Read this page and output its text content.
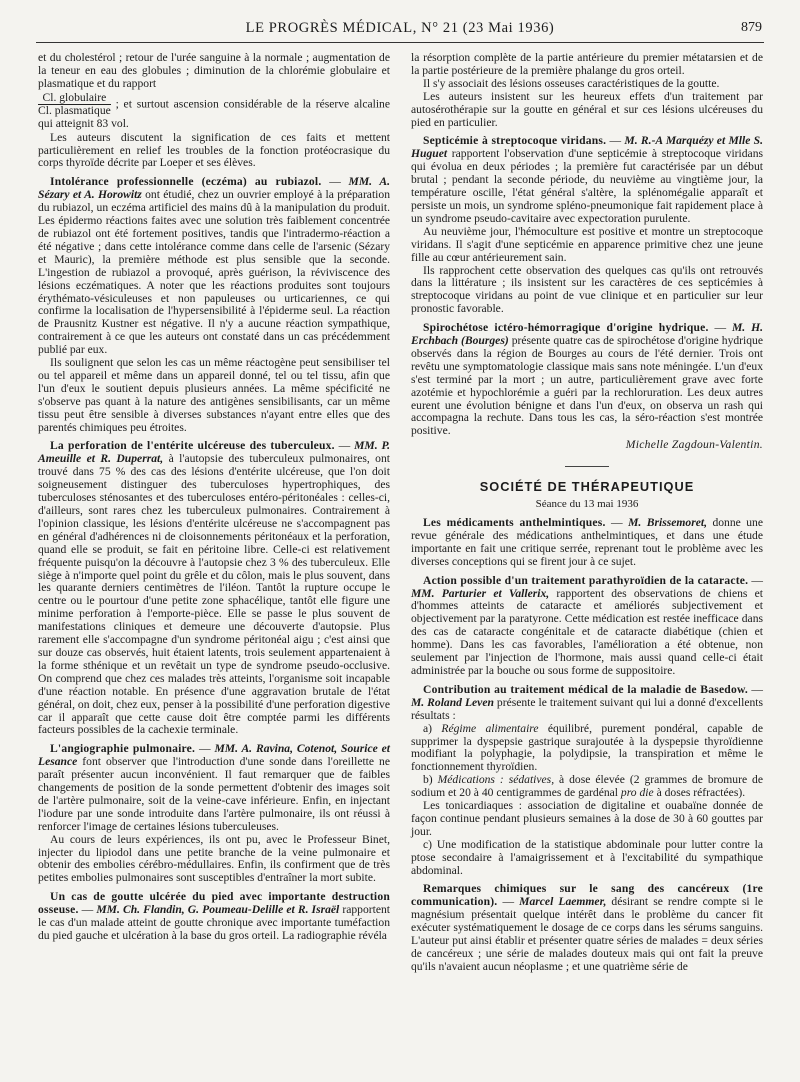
LE PROGRÈS MÉDICAL, N° 21 (23 Mai 1936)	879

et du cholestérol ; retour de l'urée sanguine à la normale ; augmentation de la teneur en eau des globules ; diminution de la chlorémie globulaire et plasmatique et du rapport

$\frac{\text{Cl. globulaire}}{\text{Cl. plasmatique}}$ ; et surtout ascension considérable de la réserve alcaline qui atteignit 83 vol.

Les auteurs discutent la signification de ces faits et mettent particulièrement en relief les troubles de la fonction protéocrasique du corps thyroïde décrite par Loeper et ses élèves.

Intolérance professionnelle (eczéma) au rubiazol. — MM. A. Sézary et A. Horowitz ont étudié, chez un ouvrier employé à la préparation du rubiazol, un eczéma artificiel des mains dû à la manipulation du produit. Les épidermo réactions faites avec une solution très faiblement concentrée de rubiazol ont été fortement positives, tandis que l'intradermo-réaction a été négative ; dans cette intolérance comme dans celle de l'arsenic (Sézary et Mauric), la première méthode est plus sensible que la seconde. L'ingestion de rubiazol a provoqué, après guérison, la réviviscence des lésions eczématiques. A noter que les réactions produites sont toujours érythémato-vésiculeuses et non papuleuses ou urticariennes, ce qui confirme la localisation de l'hypersensibilité à l'épiderme seul. La réaction de Prausnitz Kustner est négative. Il n'y a aucune réaction sympathique, contrairement à ce que les auteurs ont constaté dans un cas précédemment publié par eux.

Ils soulignent que selon les cas un même réactogène peut sensibiliser tel ou tel appareil et même dans un appareil donné, tel ou tel tissu, afin que l'un d'eux le soutient depuis plusieurs années. La même spécificité ne s'observe pas quant à la nature des antigènes sensibilisants, car un même tissu peut être sensible à diverses substances n'ayant entre elles que des parentés chimiques peu étroites.

La perforation de l'entérite ulcéreuse des tuberculeux. — MM. P. Ameuille et R. Duperrat, à l'autopsie des tuberculeux pulmonaires, ont trouvé dans 75 % des cas des lésions d'entérite ulcéreuse, que l'on doit soigneusement distinguer des tuberculoses hypertrophiques, des tuberculoses sténosantes et des tuberculoses entéro-péritonéales : celles-ci, d'ailleurs, sont rares chez les tuberculeux pulmonaires. Contrairement à l'opinion classique, les lésions d'entérite ulcéreuse ne s'accompagnent pas en général d'adhérences ni de cloisonnements péritonéaux et la perforation, quand elle se produit, se fait en péritoine libre. Celle-ci est relativement fréquente puisqu'on la découvre à l'autopsie chez 3 % des tuberculeux. Elle siège à n'importe quel point du grêle et du côlon, mais le plus souvent, dans les quarante derniers centimètres de l'iléon. Tantôt la rupture occupe le centre ou le pourtour d'une petite zone sphacélique, tantôt elle figure une minime perforation à l'emporte-pièce. Elle se passe le plus souvent de manifestations cliniques et demeure une découverte d'autopsie. Plus rarement elle s'accompagne d'un syndrome péritonéal aigu ; c'est ainsi que sur douze cas observés, huit étaient latents, trois seulement appartenaient à la forme sthénique et un revêtait un type de syndrome pseudo-occlusive. On comprend que chez ces malades très atteints, l'organisme soit incapable d'une réaction notable. En présence d'une aggravation brutale de l'état général, on doit, chez eux, penser à la possibilité d'une perforation digestive car il apparaît que cette cause doit être comptée parmi les différents facteurs possibles de la cachexie terminale.

L'angiographie pulmonaire. — MM. A. Ravina, Cotenot, Sourice et Lesance font observer que l'introduction d'une sonde dans l'oreillette ne paraît présenter aucun inconvénient. Il faut remarquer que de faibles changements de position de la sonde permettent d'obtenir des images soit de l'artère pulmonaire, soit de la veine-cave inférieure. Enfin, en injectant l'iodure par une sonde introduite dans l'artère pulmonaire, ils ont réussi à renforcer l'image de certaines lésions tuberculeuses.

Au cours de leurs expériences, ils ont pu, avec le Professeur Binet, injecter du lipiodol dans une petite branche de la veine pulmonaire et obtenir des embolies cérébro-médullaires. Enfin, ils confirment que de très petites embolies pulmonaires sont susceptibles d'entraîner la mort subite.

Un cas de goutte ulcérée du pied avec importante destruction osseuse. — MM. Ch. Flandin, G. Poumeau-Delille et R. Israël rapportent le cas d'un malade atteint de goutte chronique avec importante tuméfaction du pied gauche et ulcération à la base du gros orteil. La radiographie révéla

la résorption complète de la partie antérieure du premier métatarsien et de la partie postérieure de la première phalange du gros orteil.

Il s'y associait des lésions osseuses caractéristiques de la goutte.

Les auteurs insistent sur les heureux effets d'un traitement par autosérothérapie sur la goutte en général et sur ces lésions ulcéreuses du pied en particulier.

Septicémie à streptocoque viridans. — M. R.-A Marquézy et Mlle S. Huguet rapportent l'observation d'une septicémie à streptocoque viridans qui évolua en deux périodes ; la première fut caractérisée par un début brutal ; pendant la seconde période, du neuvième au vingtième jour, la température oscille, l'état général s'altère, la splénomégalie apparaît et persiste un mois, un syndrome spléno-pneumonique fait rapidement place à un syndrome pseudo-cavitaire avec expectoration purulente.

Au neuvième jour, l'hémoculture est positive et montre un streptocoque viridans. Il s'agit d'une septicémie en apparence primitive chez une jeune fille au cœur antérieurement sain.

Ils rapprochent cette observation des quelques cas qu'ils ont retrouvés dans la littérature ; ils insistent sur les caractères de ces septicémies à streptocoque viridans au point de vue clinique et en particulier sur leur pronostic favorable.

Spirochétose ictéro-hémorragique d'origine hydrique. — M. H. Erchbach (Bourges) présente quatre cas de spirochétose d'origine hydrique observés dans la région de Bourges au cours de l'été dernier. Trois ont revêtu une symptomatologie classique mais sans note méningée. L'un d'eux s'est terminé par la mort ; un autre, particulièrement grave avec forte azotémie et hypochlorémie a guéri par la rechloruration. Les deux autres eurent une évolution bénigne et dans l'un d'eux, on observa un rash qui accompagna la rechute. Dans tous les cas, la séro-réaction s'est montrée positive.

Michelle Zagdoun-Valentin.
SOCIÉTÉ DE THÉRAPEUTIQUE
Séance du 13 mai 1936

Les médicaments anthelmintiques. — M. Brissemoret, donne une revue générale des médications anthelmintiques, et dans une étude importante en fait une critique serrée, reprenant tout le problème avec les diverses conceptions qui se firent jour à ce sujet.

Action possible d'un traitement parathyroïdien de la cataracte. — MM. Parturier et Vallerix, rapportent des observations de chiens et d'hommes atteints de cataracte et améliorés subjectivement et objectivement par la paratyrone. Cette médication est restée inefficace dans des cas de cataracte congénitale et de cataracte diabétique (chien et homme). Dans les cas favorables, l'amélioration a été obtenue, non seulement par l'injection de l'hormone, mais aussi quand celle-ci était administrée par la bouche ou sous forme de suppositoire.

Contribution au traitement médical de la maladie de Basedow. — M. Roland Leven présente le traitement suivant qui lui a donné d'excellents résultats :

a) Régime alimentaire équilibré, purement pondéral, capable de supprimer la dyspepsie gastrique surajoutée à la dyspepsie thyroïdienne modifiant la polyphagie, la polydipsie, la transpiration et même le fonctionnement thyroïdien.

b) Médications : sédatives, à dose élevée (2 grammes de bromure de sodium et 20 à 40 centigrammes de gardénal pro die à doses réfractées).

Les tonicardiaques : association de digitaline et ouabaïne donnée de façon continue pendant plusieurs semaines à la dose de 30 à 60 gouttes par jour.

c) Une modification de la statistique abdominale pour lutter contre la ptose secondaire à l'amaigrissement et à l'excitabilité du sympathique abdominal.

Remarques chimiques sur le sang des cancéreux (1re communication). — Marcel Laemmer, désirant se rendre compte si le magnésium présentait quelque intérêt dans le problème du cancer fit exécuter systématiquement le dosage de ce corps dans les sérums sanguins. L'auteur put ainsi établir et présenter quatre séries de malades = deux séries de cancéreux ; une série de malades douteux mais qui ont fait la preuve qu'ils n'avaient aucun néoplasme ; et une quatrième série de
